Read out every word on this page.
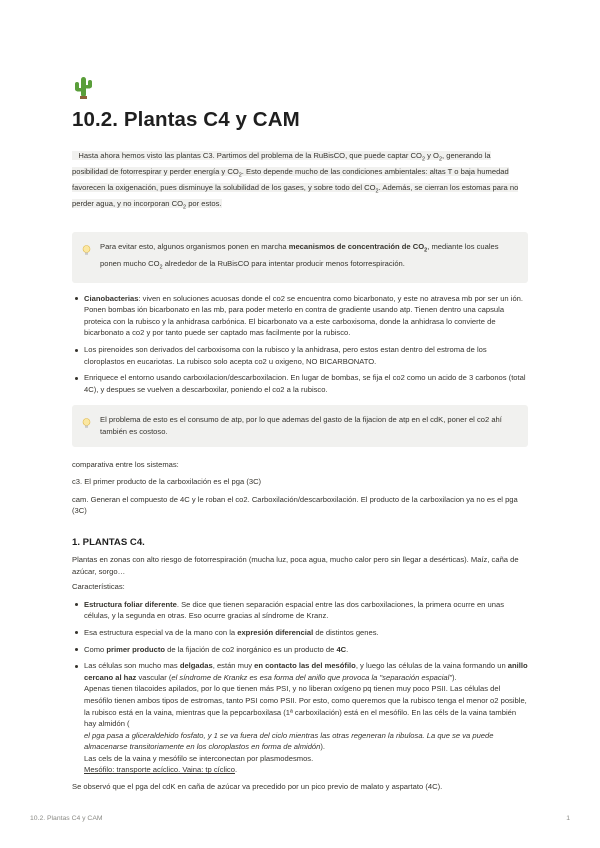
10.2. Plantas C4 y CAM

Hasta ahora hemos visto las plantas C3. Partimos del problema de la RuBisCO, que puede captar $CO_2$ y $O_2$, generando la posibilidad de fotorrespirar y perder energía y $CO_2$. Esto depende mucho de las condiciones ambientales: altas T o baja humedad favorecen la oxigenación, pues disminuye la solubilidad de los gases, y sobre todo del $CO_2$. Además, se cierran los estomas para no perder agua, y no incorporan $CO_2$ por estos.

Para evitar esto, algunos organismos ponen en marcha mecanismos de concentración de $CO_2$, mediante los cuales ponen mucho $CO_2$ alrededor de la RuBisCO para intentar producir menos fotorrespiración.
Cianobacterias: viven en soluciones acuosas donde el co2 se encuentra como bicarbonato, y este no atravesa mb por ser un ión. Ponen bombas ión bicarbonato en las mb, para poder meterlo en contra de gradiente usando atp. Tienen dentro una capsula proteica con la rubisco y la anhidrasa carbónica. El bicarbonato va a este carboxisoma, donde la anhidrasa lo convierte de bicarbonato a co2 y por tanto puede ser captado mas facilmente por la rubisco.
Los pirenoides son derivados del carboxisoma con la rubisco y la anhidrasa, pero estos estan dentro del estroma de los cloroplastos en eucariotas. La rubisco solo acepta co2 u oxigeno, NO BICARBONATO.
Enriquece el entorno usando carboxilacion/descarboxilacion. En lugar de bombas, se fija el co2 como un acido de 3 carbonos (total 4C), y despues se vuelven a descarboxilar, poniendo el co2 a la rubisco.
El problema de esto es el consumo de atp, por lo que ademas del gasto de la fijacion de atp en el cdK, poner el co2 ahí también es costoso.

comparativa entre los sistemas:

c3. El primer producto de la carboxilación es el pga (3C)

cam. Generan el compuesto de 4C y le roban el co2. Carboxilación/descarboxilación. El producto de la carboxilacion ya no es el pga (3C)

1. PLANTAS C4.

Plantas en zonas con alto riesgo de fotorrespiración (mucha luz, poca agua, mucho calor pero sin llegar a desérticas). Maíz, caña de azúcar, sorgo…

Características:

Estructura foliar diferente. Se dice que tienen separación espacial entre las dos carboxilaciones, la primera ocurre en unas células, y la segunda en otras. Eso ocurre gracias al síndrome de Kranz.
Esa estructura especial va de la mano con la expresión diferencial de distintos genes.
Como primer producto de la fijación de co2 inorgánico es un producto de 4C.
Las células son mucho mas delgadas, están muy en contacto las del mesófilo, y luego las células de la vaina formando un anillo cercano al haz vascular (el síndrome de Krankz es esa forma del anillo que provoca la "separación espacial").
Apenas tienen tilacoides apilados, por lo que tienen más PSI, y no liberan oxígeno pq tienen muy poco PSII. Las células del mesófilo tienen ambos tipos de estromas, tanto PSI como PSII. Por esto, como queremos que la rubisco tenga el menor o2 posible, la rubisco está en la vaina, mientras que la pepcarboxilasa (1ª carboxilación) está en el mesófilo. En las céls de la vaina también hay almidón (
el pga pasa a gliceraldehido fosfato, y 1 se va fuera del ciclo mientras las otras regeneran la ribulosa. La que se va puede almacenarse transitoriamente en los cloroplastos en forma de almidón).
Las cels de la vaina y mesófilo se interconectan por plasmodesmos.
Mesófilo: transporte acíclico. Vaina: tp cíclico.

Se observó que el pga del cdK en caña de azúcar va precedido por un pico previo de malato y aspartato (4C).

10.2. Plantas C4 y CAM	1
